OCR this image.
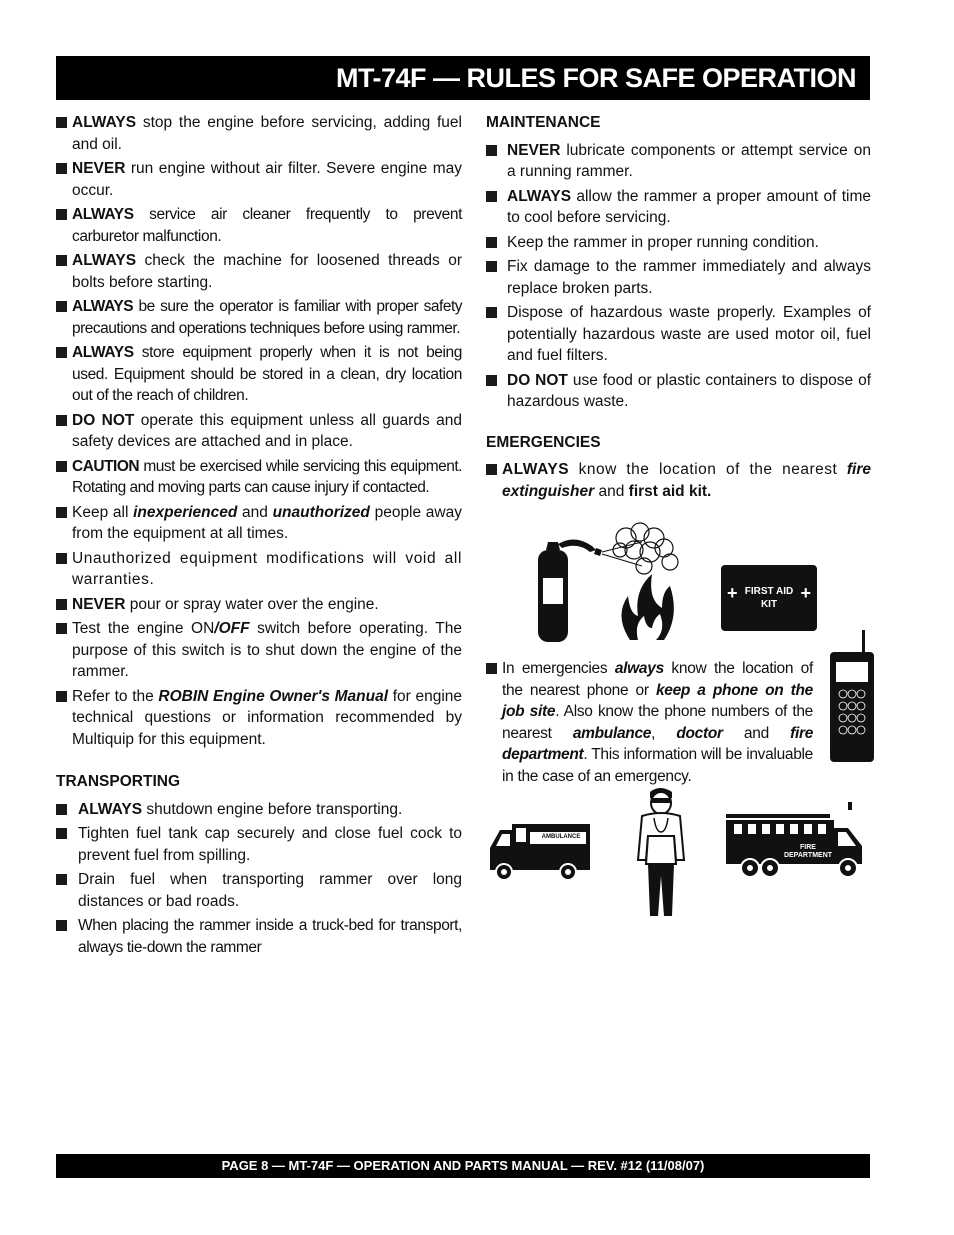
MT-74F — RULES FOR SAFE OPERATION
ALWAYS stop the engine before servicing, adding fuel and oil.
NEVER run engine without air filter. Severe engine may occur.
ALWAYS service air cleaner frequently to prevent carburetor malfunction.
ALWAYS check the machine for loosened threads or bolts before starting.
ALWAYS be sure the operator is familiar with proper safety precautions and operations techniques before using rammer.
ALWAYS store equipment properly when it is not being used. Equipment should be stored in a clean, dry location out of the reach of children.
DO NOT operate this equipment unless all guards and safety devices are attached and in place.
CAUTION must be exercised while servicing this equipment. Rotating and moving parts can cause injury if contacted.
Keep all inexperienced and unauthorized people away from the equipment at all times.
Unauthorized equipment modifications will void all warranties.
NEVER pour or spray water over the engine.
Test the engine ON/OFF switch before operating. The purpose of this switch is to shut down the engine of the rammer.
Refer to the ROBIN Engine Owner's Manual for engine technical questions or information recommended by Multiquip for this equipment.
TRANSPORTING
ALWAYS shutdown engine before transporting.
Tighten fuel tank cap securely and close fuel cock to prevent fuel from spilling.
Drain fuel when transporting rammer over long distances or bad roads.
When placing the rammer inside a truck-bed for transport, always tie-down the rammer
MAINTENANCE
NEVER lubricate components or attempt service on a running rammer.
ALWAYS allow the rammer a proper amount of time to cool before servicing.
Keep the rammer in proper running condition.
Fix damage to the rammer immediately and always replace broken parts.
Dispose of hazardous waste properly. Examples of potentially hazardous waste are used motor oil, fuel and fuel filters.
DO NOT use food or plastic containers to dispose of hazardous waste.
EMERGENCIES
ALWAYS know the location of the nearest fire extinguisher and first aid kit.
In emergencies always know the location of the nearest phone or keep a phone on the job site. Also know the phone numbers of the nearest ambulance, doctor and fire department. This information will be invaluable in the case of an emergency.
FIRST AID KIT
+	+
AMBULANCE
FIRE
DEPARTMENT
PAGE 8 — MT-74F — OPERATION AND PARTS MANUAL — REV. #12 (11/08/07)
